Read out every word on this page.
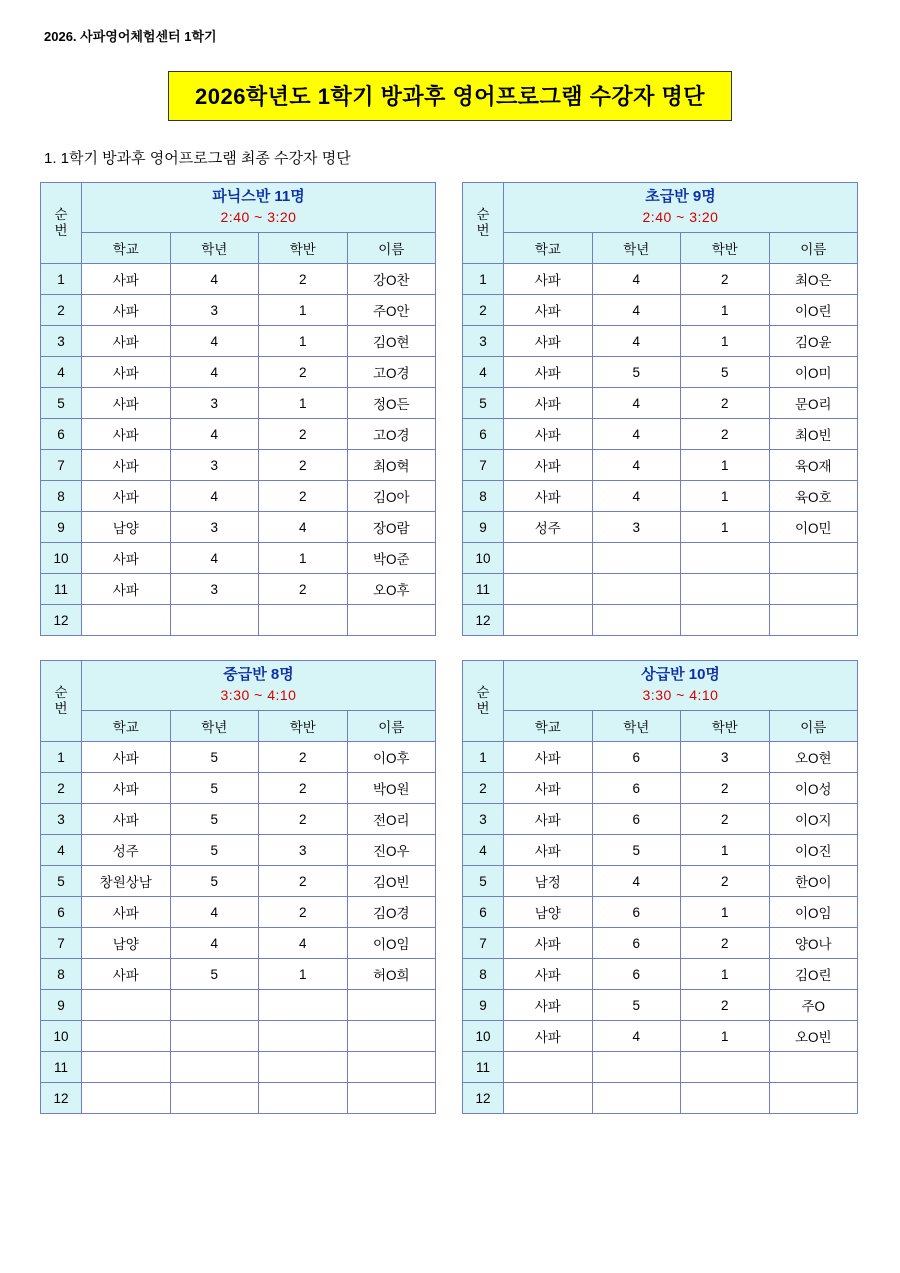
2026. 사파영어체험센터 1학기
2026학년도 1학기 방과후 영어프로그램 수강자 명단
1. 1학기 방과후 영어프로그램 최종 수강자 명단
순
번

파닉스반 11명
2:40 ~ 3:20

	학교	학년	학반	이름
1	사파	4	2	강O찬
2	사파	3	1	주O안
3	사파	4	1	김O현
4	사파	4	2	고O경
5	사파	3	1	정O든
6	사파	4	2	고O경
7	사파	3	2	최O혁
8	사파	4	2	김O아
9	남양	3	4	장O람
10	사파	4	1	박O준
11	사파	3	2	오O후
12				
순
번

초급반 9명
2:40 ~ 3:20

	학교	학년	학반	이름
1	사파	4	2	최O은
2	사파	4	1	이O린
3	사파	4	1	김O윤
4	사파	5	5	이O미
5	사파	4	2	문O리
6	사파	4	2	최O빈
7	사파	4	1	육O재
8	사파	4	1	육O호
9	성주	3	1	이O민
10				
11				
12				
순
번

중급반 8명
3:30 ~ 4:10

	학교	학년	학반	이름
1	사파	5	2	이O후
2	사파	5	2	박O원
3	사파	5	2	전O리
4	성주	5	3	진O우
5	창원상남	5	2	김O빈
6	사파	4	2	김O경
7	남양	4	4	이O임
8	사파	5	1	허O희
9				
10				
11				
12				
순
번

상급반 10명
3:30 ~ 4:10

	학교	학년	학반	이름
1	사파	6	3	오O현
2	사파	6	2	이O성
3	사파	6	2	이O지
4	사파	5	1	이O진
5	남정	4	2	한O이
6	남양	6	1	이O임
7	사파	6	2	양O나
8	사파	6	1	김O린
9	사파	5	2	주O
10	사파	4	1	오O빈
11				
12				
